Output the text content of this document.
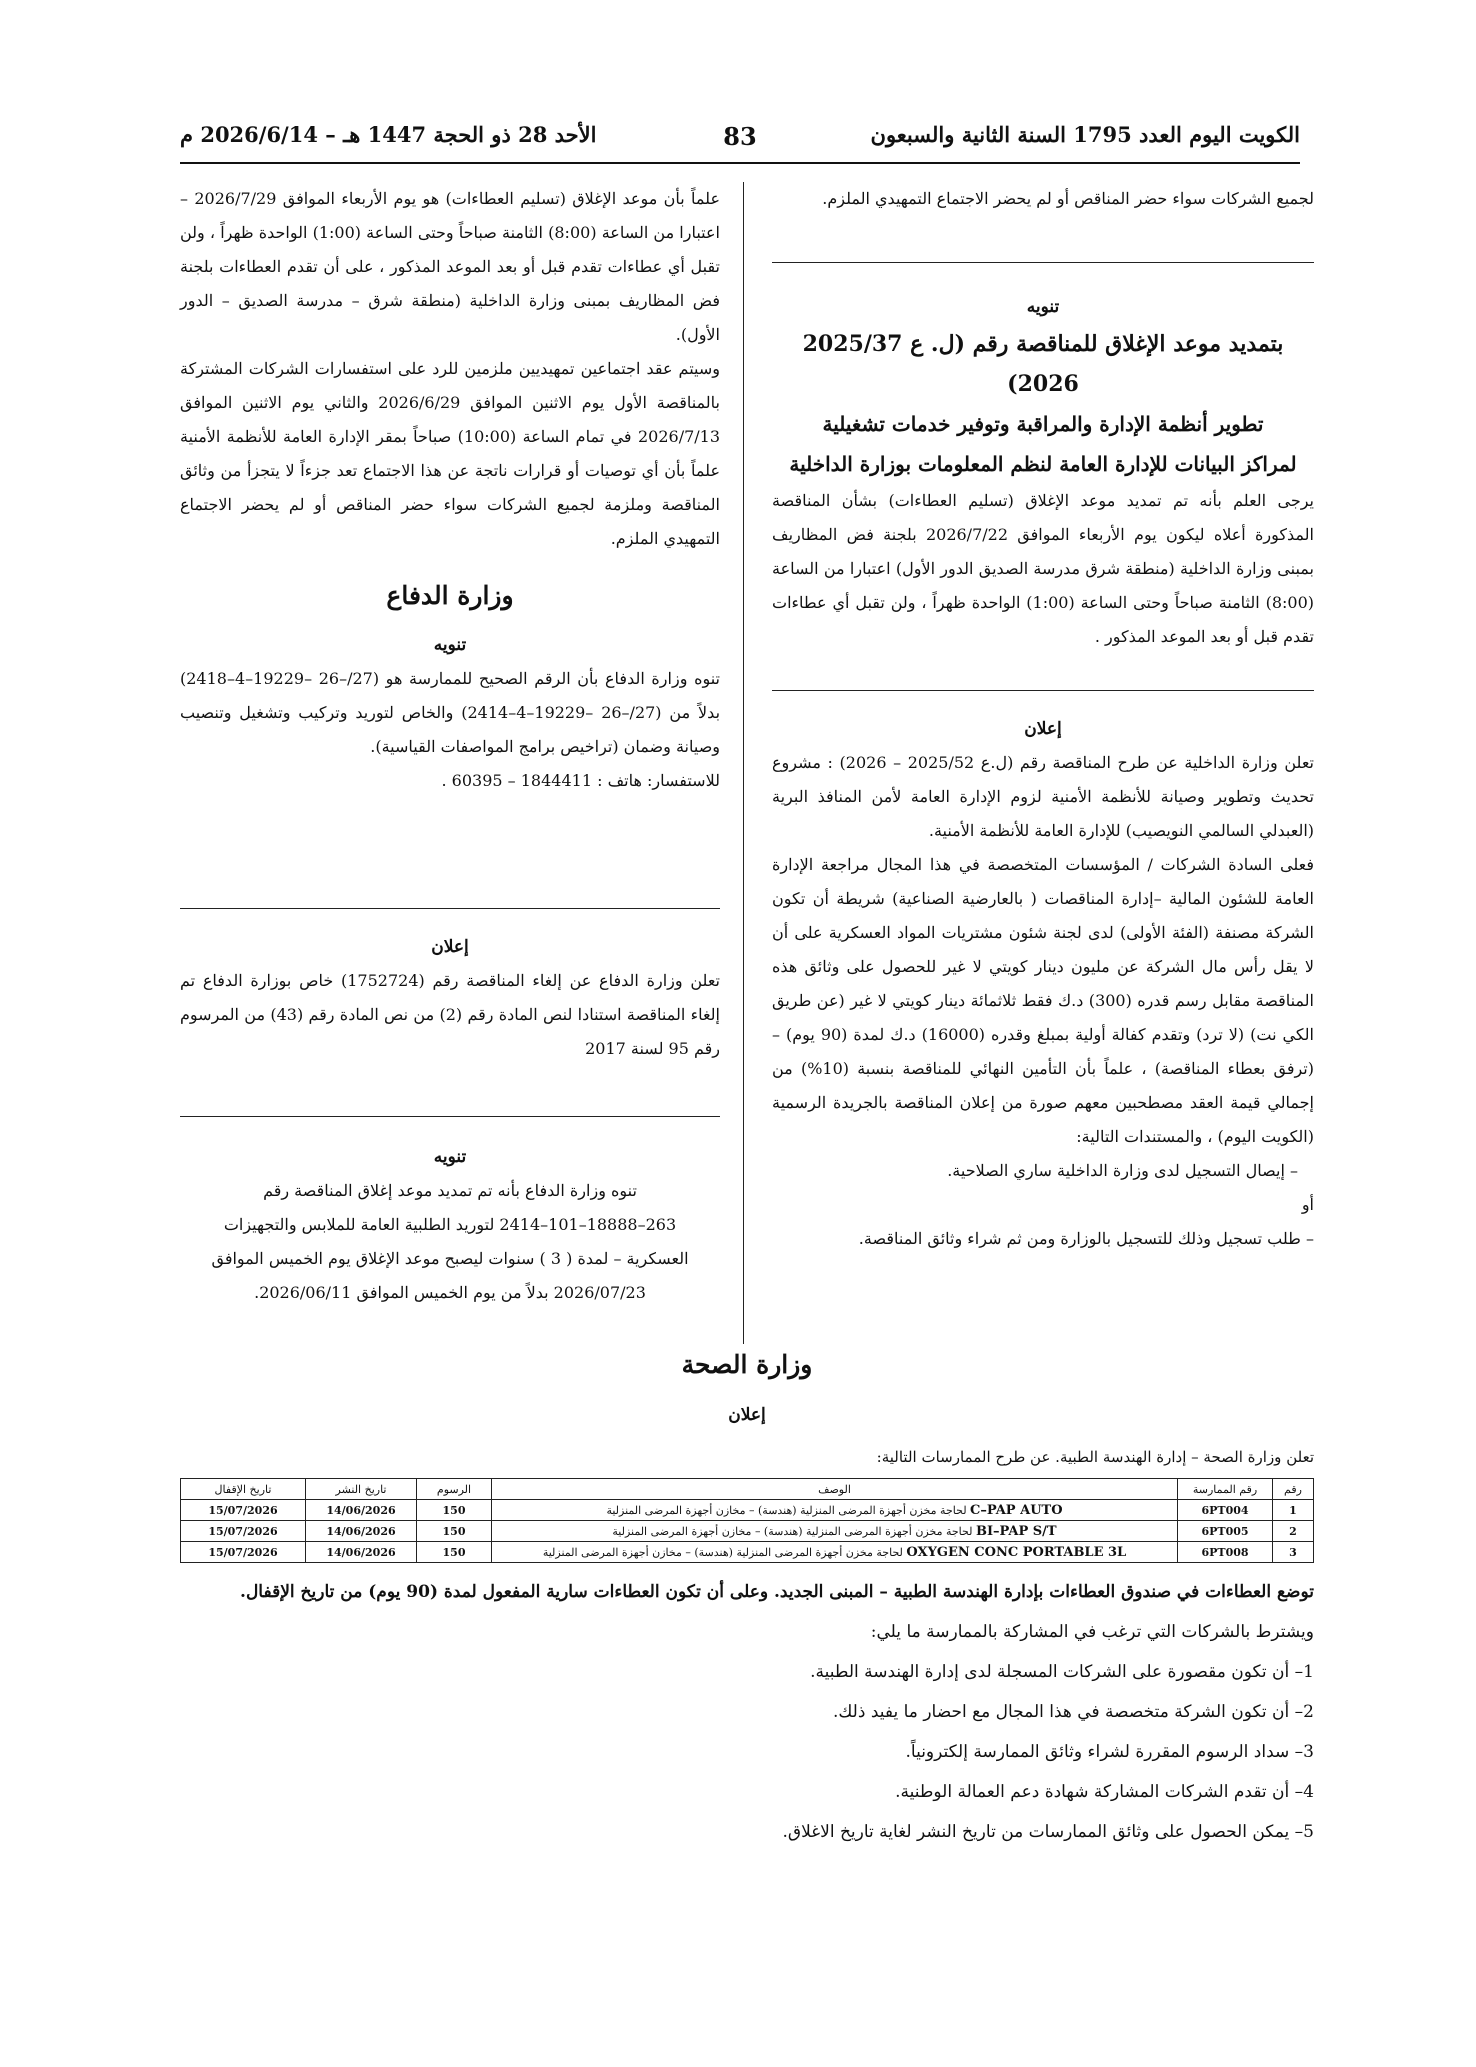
الكويت اليوم العدد 1795 السنة الثانية والسبعون
83
الأحد 28 ذو الحجة 1447 هـ – 2026/6/14 م

لجميع الشركات سواء حضر المناقص أو لم يحضر الاجتماع التمهيدي الملزم.

تنويه
بتمديد موعد الإغلاق للمناقصة رقم (ل. ع 2025/37 2026)
تطوير أنظمة الإدارة والمراقبة وتوفير خدمات تشغيلية
لمراكز البيانات للإدارة العامة لنظم المعلومات بوزارة الداخلية
يرجى العلم بأنه تم تمديد موعد الإغلاق (تسليم العطاءات) بشأن المناقصة المذكورة أعلاه ليكون يوم الأربعاء الموافق 2026/7/22 بلجنة فض المظاريف بمبنى وزارة الداخلية (منطقة شرق مدرسة الصديق الدور الأول) اعتبارا من الساعة (8:00) الثامنة صباحاً وحتى الساعة (1:00) الواحدة ظهراً ، ولن تقبل أي عطاءات تقدم قبل أو بعد الموعد المذكور .
إعلان
تعلن وزارة الداخلية عن طرح المناقصة رقم (ل.ع 2025/52 – 2026) : مشروع تحديث وتطوير وصيانة للأنظمة الأمنية لزوم الإدارة العامة لأمن المنافذ البرية (العبدلي السالمي النويصيب) للإدارة العامة للأنظمة الأمنية.
فعلى السادة الشركات / المؤسسات المتخصصة في هذا المجال مراجعة الإدارة العامة للشئون المالية –إدارة المناقصات ( بالعارضية الصناعية) شريطة أن تكون الشركة مصنفة (الفئة الأولى) لدى لجنة شئون مشتريات المواد العسكرية على أن لا يقل رأس مال الشركة عن مليون دينار كويتي لا غير للحصول على وثائق هذه المناقصة مقابل رسم قدره (300) د.ك فقط ثلاثمائة دينار كويتي لا غير (عن طريق الكي نت) (لا ترد) وتقدم كفالة أولية بمبلغ وقدره (16000) د.ك لمدة (90 يوم) – (ترفق بعطاء المناقصة) ، علماً بأن التأمين النهائي للمناقصة بنسبة (10%) من إجمالي قيمة العقد مصطحبين معهم صورة من إعلان المناقصة بالجريدة الرسمية (الكويت اليوم) ، والمستندات التالية:
– إيصال التسجيل لدى وزارة الداخلية ساري الصلاحية.
أو
– طلب تسجيل وذلك للتسجيل بالوزارة ومن ثم شراء وثائق المناقصة.

علماً بأن موعد الإغلاق (تسليم العطاءات) هو يوم الأربعاء الموافق 2026/7/29 – اعتبارا من الساعة (8:00) الثامنة صباحاً وحتى الساعة (1:00) الواحدة ظهراً ، ولن تقبل أي عطاءات تقدم قبل أو بعد الموعد المذكور ، على أن تقدم العطاءات بلجنة فض المظاريف بمبنى وزارة الداخلية (منطقة شرق – مدرسة الصديق – الدور الأول).

وسيتم عقد اجتماعين تمهيديين ملزمين للرد على استفسارات الشركات المشتركة بالمناقصة الأول يوم الاثنين الموافق 2026/6/29 والثاني يوم الاثنين الموافق 2026/7/13 في تمام الساعة (10:00) صباحاً بمقر الإدارة العامة للأنظمة الأمنية علماً بأن أي توصيات أو قرارات ناتجة عن هذا الاجتماع تعد جزءاً لا يتجزأ من وثائق المناقصة وملزمة لجميع الشركات سواء حضر المناقص أو لم يحضر الاجتماع التمهيدي الملزم.

وزارة الدفاع
تنويه

تنوه وزارة الدفاع بأن الرقم الصحيح للممارسة هو (27/–26 –19229–4–2418) بدلاً من (27/–26 –19229–4–2414) والخاص لتوريد وتركيب وتشغيل وتنصيب وصيانة وضمان (تراخيص برامج المواصفات القياسية).

للاستفسار: هاتف : 1844411 – 60395 .

إعلان

تعلن وزارة الدفاع عن إلغاء المناقصة رقم (1752724) خاص بوزارة الدفاع تم إلغاء المناقصة استنادا لنص المادة رقم (2) من نص المادة رقم (43) من المرسوم رقم 95 لسنة 2017

تنويه

تنوه وزارة الدفاع بأنه تم تمديد موعد إغلاق المناقصة رقم

263–18888–101–2414 لتوريد الطلبية العامة للملابس والتجهيزات

العسكرية – لمدة ( 3 ) سنوات ليصبح موعد الإغلاق يوم الخميس الموافق

2026/07/23 بدلاً من يوم الخميس الموافق 2026/06/11.

وزارة الصحة
إعلان
تعلن وزارة الصحة – إدارة الهندسة الطبية. عن طرح الممارسات التالية:
رقم	رقم الممارسة	الوصف	الرسوم	تاريخ النشر	تاريخ الإقفال
1	6PT004	C–PAP AUTO لحاجة مخزن أجهزة المرضى المنزلية (هندسة) – مخازن أجهزة المرضى المنزلية	150	14/06/2026	15/07/2026
2	6PT005	BI–PAP S/T لحاجة مخزن أجهزة المرضى المنزلية (هندسة) – مخازن أجهزة المرضى المنزلية	150	14/06/2026	15/07/2026
3	6PT008	OXYGEN CONC PORTABLE 3L لحاجة مخزن أجهزة المرضى المنزلية (هندسة) – مخازن أجهزة المرضى المنزلية	150	14/06/2026	15/07/2026

توضع العطاءات في صندوق العطاءات بإدارة الهندسة الطبية – المبنى الجديد. وعلى أن تكون العطاءات سارية المفعول لمدة (90 يوم) من تاريخ الإقفال.

ويشترط بالشركات التي ترغب في المشاركة بالممارسة ما يلي:

1– أن تكون مقصورة على الشركات المسجلة لدى إدارة الهندسة الطبية.

2– أن تكون الشركة متخصصة في هذا المجال مع احضار ما يفيد ذلك.

3– سداد الرسوم المقررة لشراء وثائق الممارسة إلكترونياً.

4– أن تقدم الشركات المشاركة شهادة دعم العمالة الوطنية.

5– يمكن الحصول على وثائق الممارسات من تاريخ النشر لغاية تاريخ الاغلاق.
